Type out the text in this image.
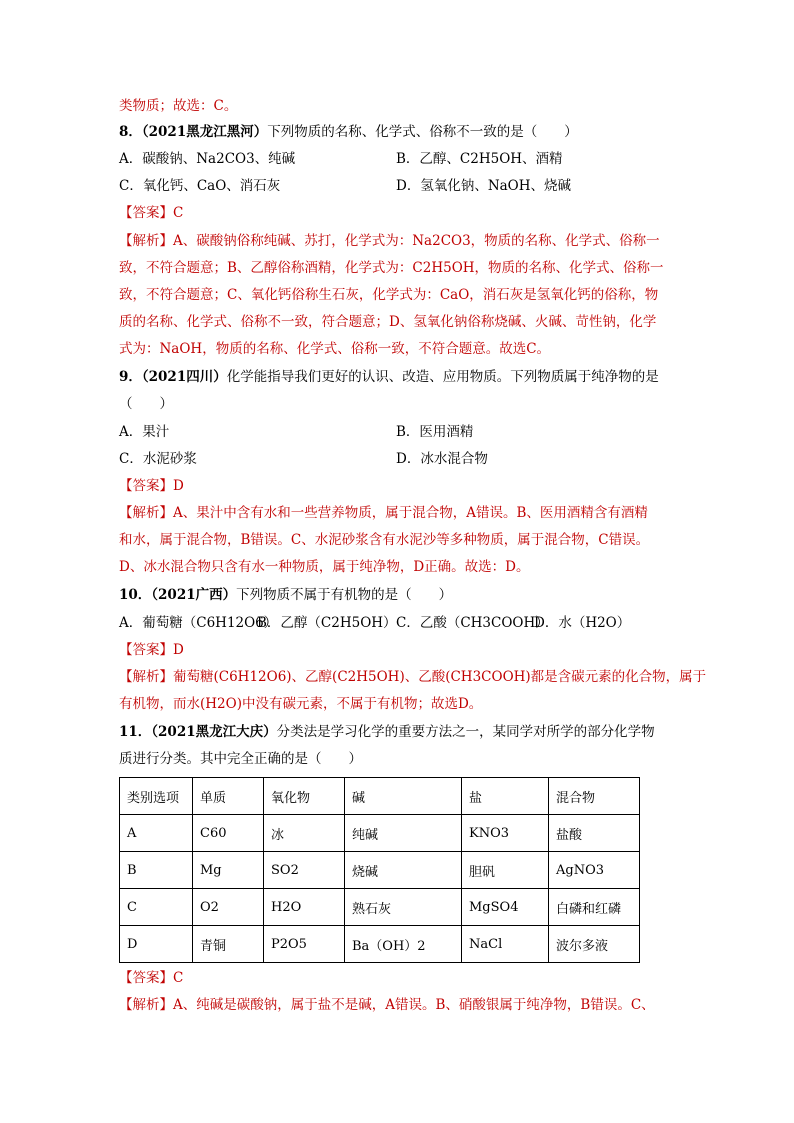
类物质；故选：C。
8．（2021黑龙江黑河）下列物质的名称、化学式、俗称不一致的是（　　）
A．碳酸钠、Na2CO3、纯碱	B．乙醇、C2H5OH、酒精
C．氧化钙、CaO、消石灰	D．氢氧化钠、NaOH、烧碱
【答案】C
【解析】A、碳酸钠俗称纯碱、苏打，化学式为：Na2CO3，物质的名称、化学式、俗称一
致，不符合题意；B、乙醇俗称酒精，化学式为：C2H5OH，物质的名称、化学式、俗称一
致，不符合题意；C、氧化钙俗称生石灰，化学式为：CaO，消石灰是氢氧化钙的俗称，物
质的名称、化学式、俗称不一致，符合题意；D、氢氧化钠俗称烧碱、火碱、苛性钠，化学
式为：NaOH，物质的名称、化学式、俗称一致，不符合题意。故选C。
9．（2021四川）化学能指导我们更好的认识、改造、应用物质。下列物质属于纯净物的是
（　　）
A．果汁	B．医用酒精
C．水泥砂浆	D．冰水混合物
【答案】D
【解析】A、果汁中含有水和一些营养物质，属于混合物，A错误。B、医用酒精含有酒精
和水，属于混合物，B错误。C、水泥砂浆含有水泥沙等多种物质，属于混合物，C错误。
D、冰水混合物只含有水一种物质，属于纯净物，D正确。故选：D。
10．（2021广西）下列物质不属于有机物的是（　　）
A．葡萄糖（C6H12O6）
B．乙醇（C2H5OH） C．乙酸（CH3COOH）
D．水（H2O）
【答案】D
【解析】葡萄糖(C6H12O6)、乙醇(C2H5OH)、乙酸(CH3COOH)都是含碳元素的化合物，属于
有机物，而水(H2O)中没有碳元素，不属于有机物；故选D。
11．（2021黑龙江大庆）分类法是学习化学的重要方法之一，某同学对所学的部分化学物
质进行分类。其中完全正确的是（　　）
类别选项	单质	氧化物	碱	盐	混合物
A	C60	冰	纯碱	KNO3	盐酸
B	Mg	SO2	烧碱	胆矾	AgNO3
C	O2	H2O	熟石灰	MgSO4	白磷和红磷
D	青铜	P2O5	Ba（OH）2	NaCl	波尔多液
【答案】C
【解析】A、纯碱是碳酸钠，属于盐不是碱，A错误。B、硝酸银属于纯净物，B错误。C、
